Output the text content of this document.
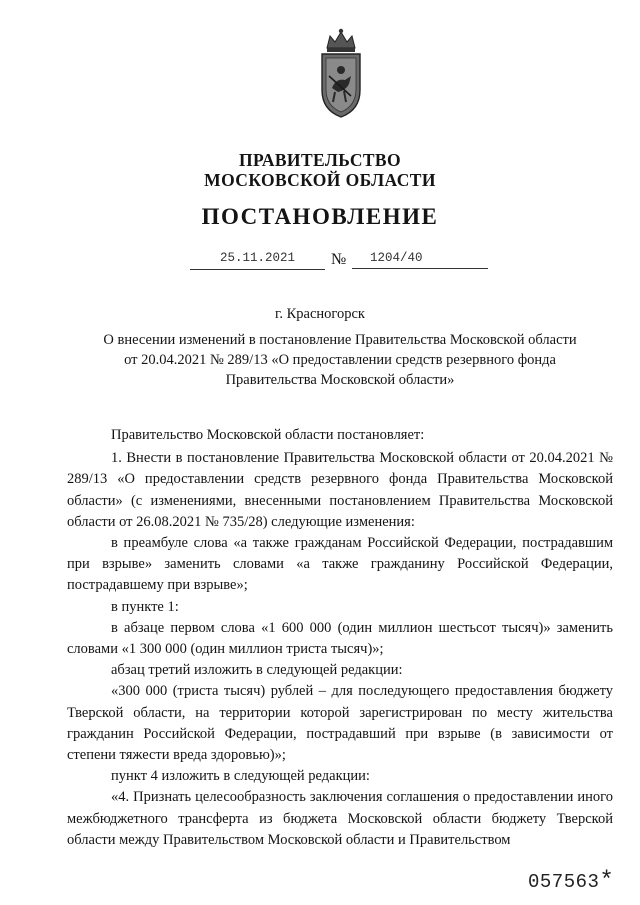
ПРАВИТЕЛЬСТВО
МОСКОВСКОЙ ОБЛАСТИ
ПОСТАНОВЛЕНИЕ
25.11.2021	№	1204/40
г. Красногорск
О внесении изменений в постановление Правительства Московской области
от 20.04.2021 № 289/13 «О предоставлении средств резервного фонда
Правительства Московской области»

Правительство Московской области постановляет:

1. Внести в постановление Правительства Московской области от 20.04.2021 № 289/13 «О предоставлении средств резервного фонда Правительства Московской области» (с изменениями, внесенными постановлением Правительства Московской области от 26.08.2021 № 735/28) следующие изменения:

в преамбуле слова «а также гражданам Российской Федерации, пострадавшим при взрыве» заменить словами «а также гражданину Российской Федерации, пострадавшему при взрыве»;

в пункте 1:

в абзаце первом слова «1 600 000 (один миллион шестьсот тысяч)» заменить словами «1 300 000 (один миллион триста тысяч)»;

абзац третий изложить в следующей редакции:

«300 000 (триста тысяч) рублей – для последующего предоставления бюджету Тверской области, на территории которой зарегистрирован по месту жительства гражданин Российской Федерации, пострадавший при взрыве (в зависимости от степени тяжести вреда здоровью)»;

пункт 4 изложить в следующей редакции:

«4. Признать целесообразность заключения соглашения о предоставлении иного межбюджетного трансферта из бюджета Московской области бюджету Тверской области между Правительством Московской области и Правительством

057563*
